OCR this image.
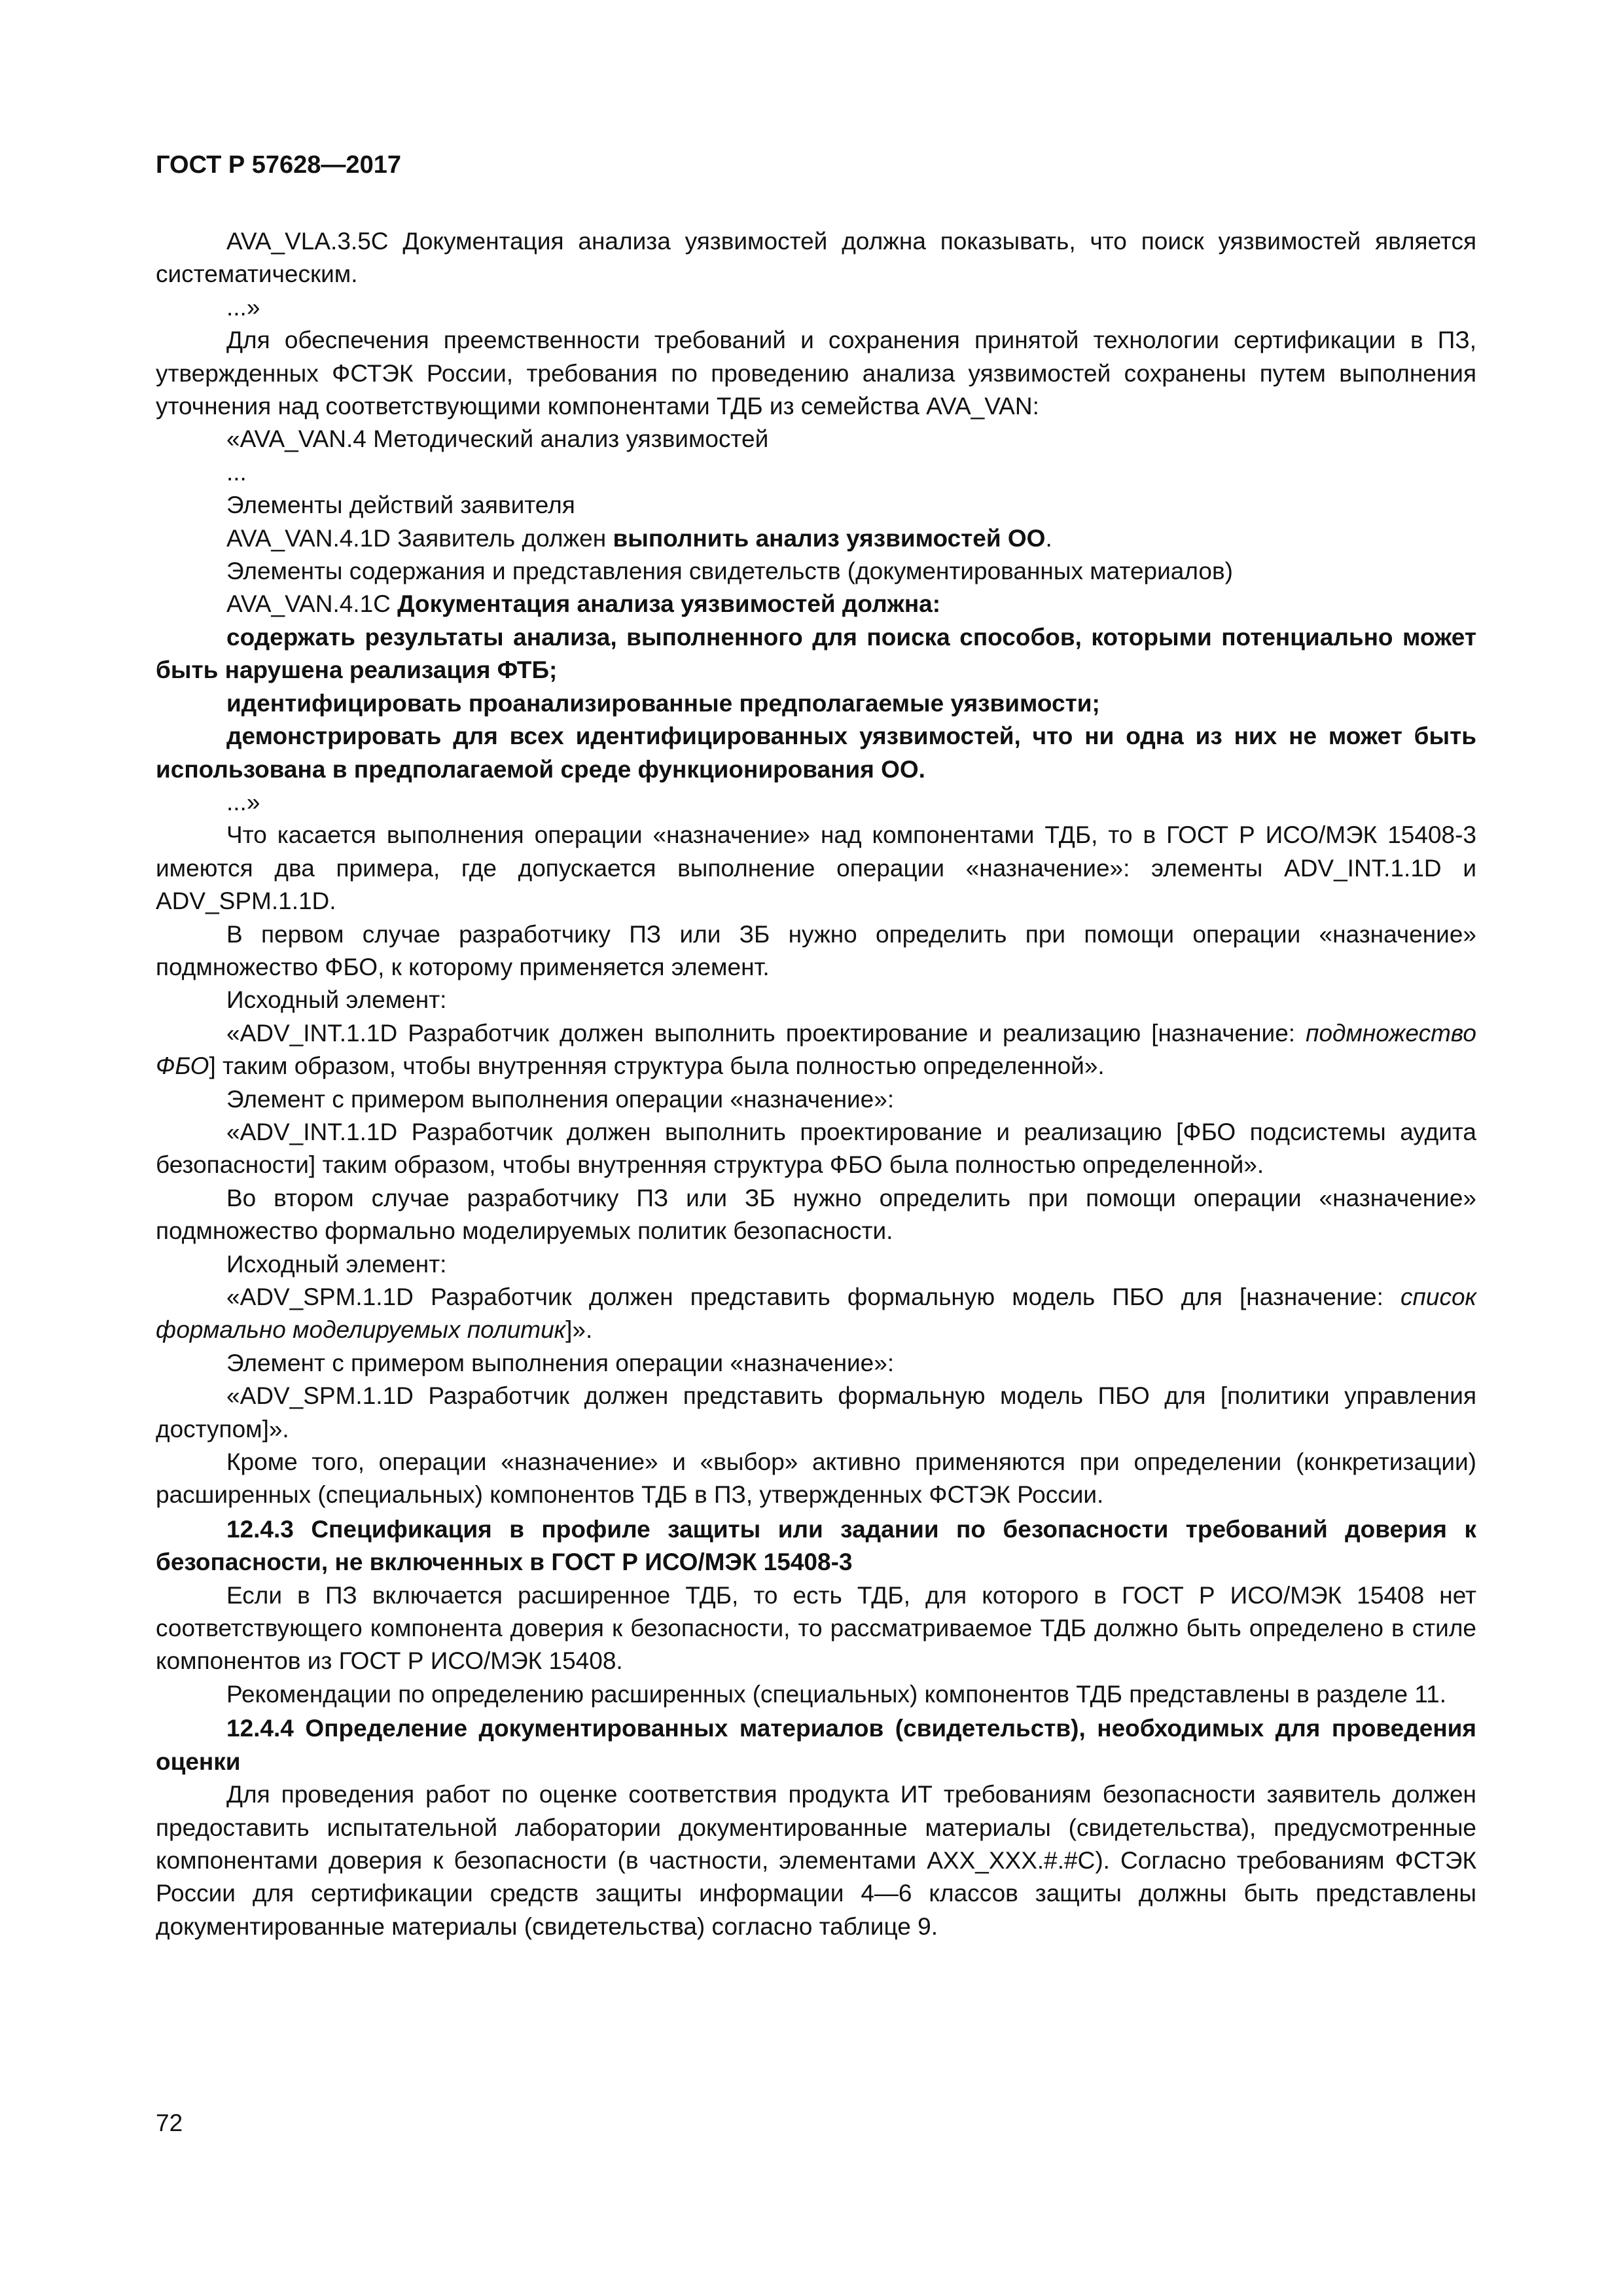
ГОСТ Р 57628—2017

AVA_VLA.3.5C Документация анализа уязвимостей должна показывать, что поиск уязвимостей является систематическим.

...»

Для обеспечения преемственности требований и сохранения принятой технологии сертификации в ПЗ, утвержденных ФСТЭК России, требования по проведению анализа уязвимостей сохранены путем выполнения уточнения над соответствующими компонентами ТДБ из семейства AVA_VAN:

«AVA_VAN.4 Методический анализ уязвимостей

...

Элементы действий заявителя

AVA_VAN.4.1D Заявитель должен выполнить анализ уязвимостей ОО.

Элементы содержания и представления свидетельств (документированных материалов)

AVA_VAN.4.1C Документация анализа уязвимостей должна:

содержать результаты анализа, выполненного для поиска способов, которыми потенциально может быть нарушена реализация ФТБ;

идентифицировать проанализированные предполагаемые уязвимости;

демонстрировать для всех идентифицированных уязвимостей, что ни одна из них не может быть использована в предполагаемой среде функционирования ОО.

...»

Что касается выполнения операции «назначение» над компонентами ТДБ, то в ГОСТ Р ИСО/МЭК 15408-3 имеются два примера, где допускается выполнение операции «назначение»: элементы ADV_INT.1.1D и ADV_SPM.1.1D.

В первом случае разработчику ПЗ или ЗБ нужно определить при помощи операции «назначение» подмножество ФБО, к которому применяется элемент.

Исходный элемент:

«ADV_INT.1.1D Разработчик должен выполнить проектирование и реализацию [назначение: подмножество ФБО] таким образом, чтобы внутренняя структура была полностью определенной».

Элемент с примером выполнения операции «назначение»:

«ADV_INT.1.1D Разработчик должен выполнить проектирование и реализацию [ФБО подсистемы аудита безопасности] таким образом, чтобы внутренняя структура ФБО была полностью определенной».

Во втором случае разработчику ПЗ или ЗБ нужно определить при помощи операции «назначение» подмножество формально моделируемых политик безопасности.

Исходный элемент:

«ADV_SPM.1.1D Разработчик должен представить формальную модель ПБО для [назначение: список формально моделируемых политик]».

Элемент с примером выполнения операции «назначение»:

«ADV_SPM.1.1D Разработчик должен представить формальную модель ПБО для [политики управления доступом]».

Кроме того, операции «назначение» и «выбор» активно применяются при определении (конкретизации) расширенных (специальных) компонентов ТДБ в ПЗ, утвержденных ФСТЭК России.

12.4.3 Спецификация в профиле защиты или задании по безопасности требований доверия к безопасности, не включенных в ГОСТ Р ИСО/МЭК 15408-3

Если в ПЗ включается расширенное ТДБ, то есть ТДБ, для которого в ГОСТ Р ИСО/МЭК 15408 нет соответствующего компонента доверия к безопасности, то рассматриваемое ТДБ должно быть определено в стиле компонентов из ГОСТ Р ИСО/МЭК 15408.

Рекомендации по определению расширенных (специальных) компонентов ТДБ представлены в разделе 11.

12.4.4 Определение документированных материалов (свидетельств), необходимых для проведения оценки

Для проведения работ по оценке соответствия продукта ИТ требованиям безопасности заявитель должен предоставить испытательной лаборатории документированные материалы (свидетельства), предусмотренные компонентами доверия к безопасности (в частности, элементами AXX_XXX.#.#C). Согласно требованиям ФСТЭК России для сертификации средств защиты информации 4—6 классов защиты должны быть представлены документированные материалы (свидетельства) согласно таблице 9.

72
